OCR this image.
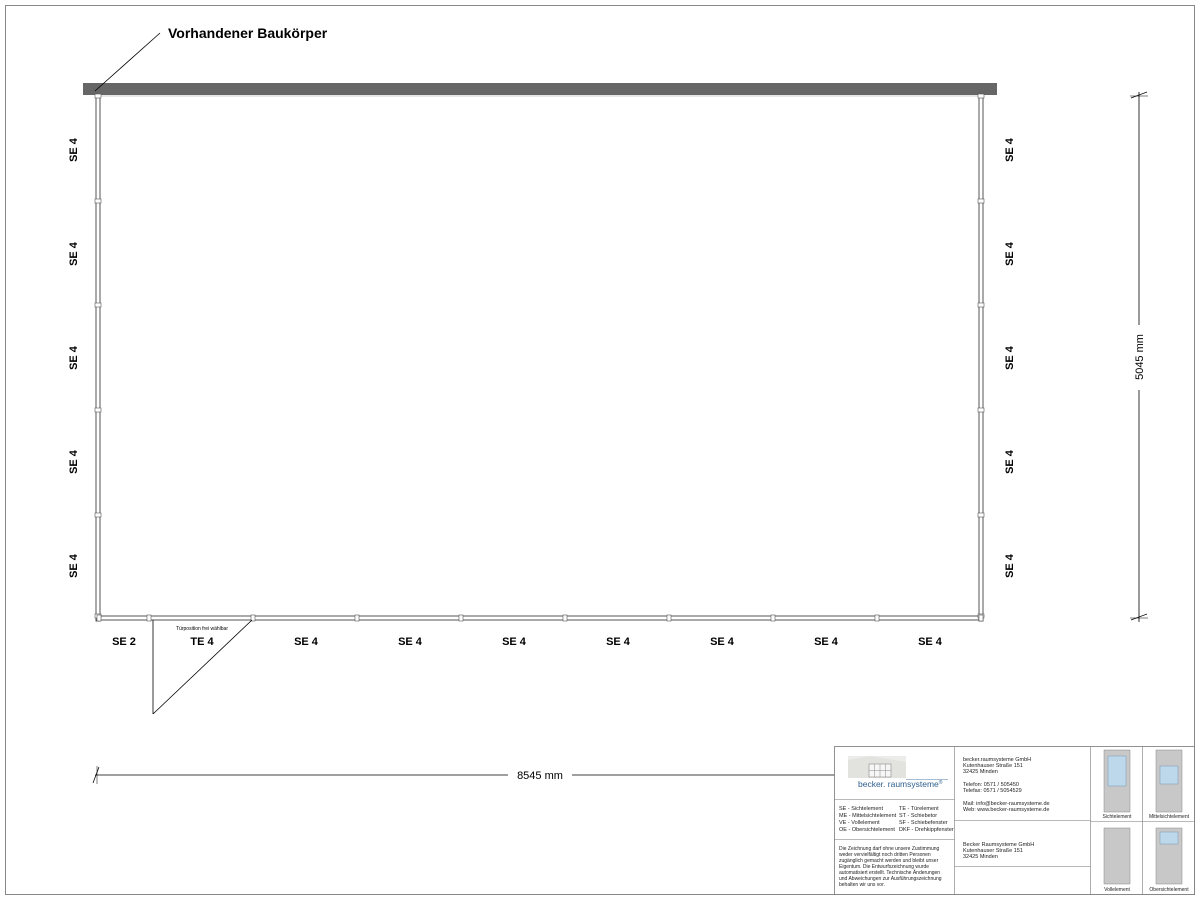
Vorhandener Baukörper
SE 4
SE 4
SE 4
SE 4
SE 4
SE 4
SE 4
SE 4
SE 4
SE 4
SE 2	TE 4	SE 4	SE 4	SE 4	SE 4	SE 4	SE 4	SE 4
Türposition frei wählbar
5045 mm
8545 mm
becker. raumsysteme®
SE - Sichtelement
ME - Mittelsichtelement
VE - Vollelement
OE - Obersichtelement
TE - Türelement
ST - Schiebetor
SF - Schiebefenster
DKF - Drehkippfenster
Die Zeichnung darf ohne unsere Zustimmung
weder vervielfältigt noch dritten Personen
zugänglich gemacht werden und bleibt unser
Eigentum. Die Entwurfszeichnung wurde
automatisiert erstellt. Technische Änderungen
und Abweichungen zur Ausführungszeichnung
behalten wir uns vor.
becker.raumsysteme GmbH
Kutenhauser Straße 151
32425 Minden
Telefon: 0571 / 505450
Telefax: 0571 / 5054529
Mail: info@becker-raumsysteme.de
Web: www.becker-raumsysteme.de
Becker Raumsysteme GmbH
Kutenhauser Straße 151
32425 Minden
Sichtelement	Mittelsichtelement
Vollelement	Obersichtelement
